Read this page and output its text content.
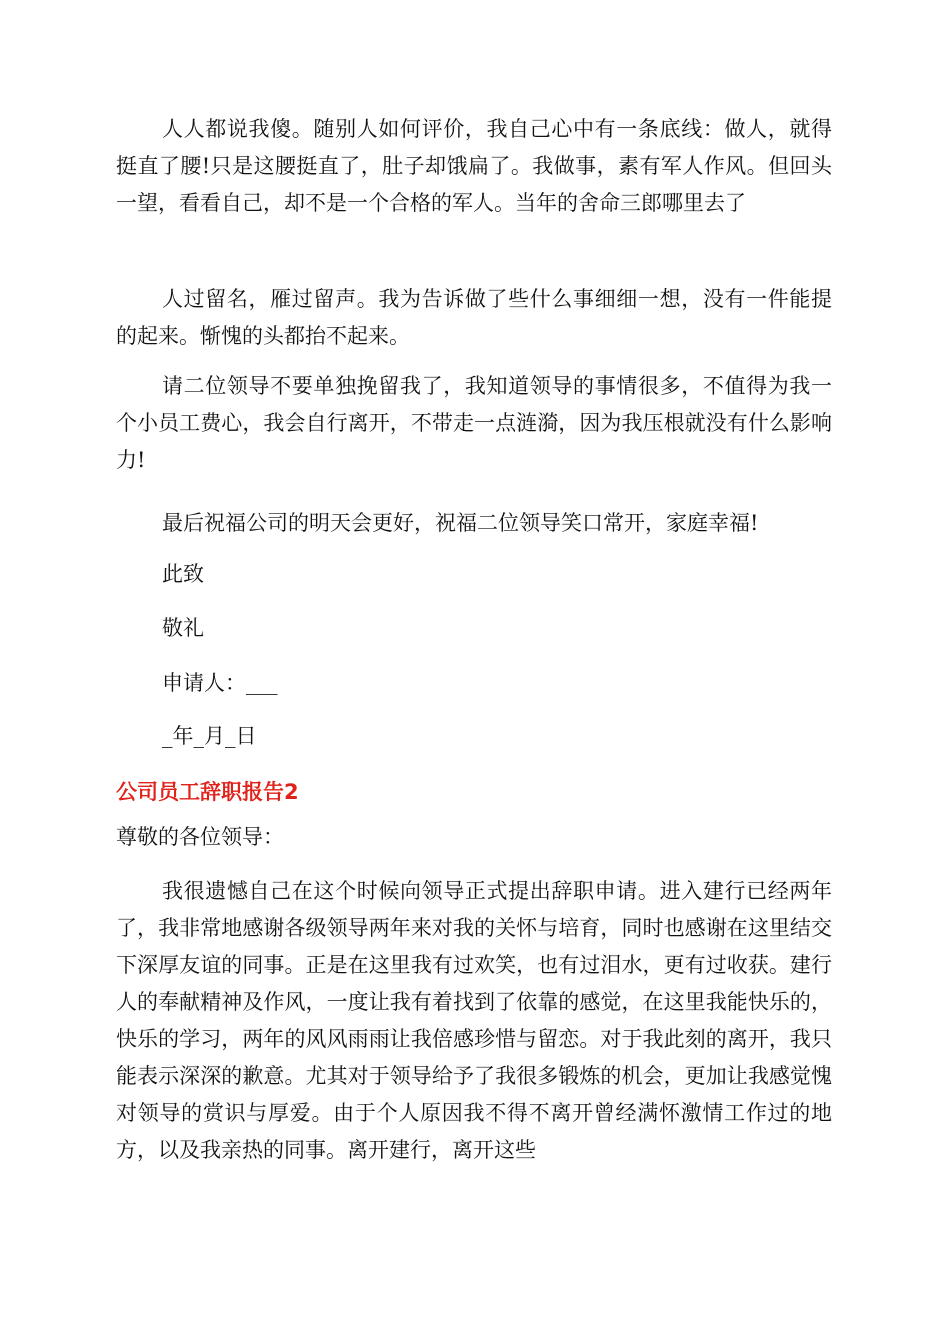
人人都说我傻。随别人如何评价，我自己心中有一条底线：做人，就得挺直了腰!只是这腰挺直了，肚子却饿扁了。我做事，素有军人作风。但回头一望，看看自己，却不是一个合格的军人。当年的舍命三郎哪里去了

人过留名，雁过留声。我为告诉做了些什么事细细一想，没有一件能提的起来。惭愧的头都抬不起来。

请二位领导不要单独挽留我了，我知道领导的事情很多，不值得为我一个小员工费心，我会自行离开，不带走一点涟漪，因为我压根就没有什么影响力!

最后祝福公司的明天会更好，祝福二位领导笑口常开，家庭幸福!

此致

敬礼

申请人：___

_年_月_日

公司员工辞职报告2

尊敬的各位领导：

我很遗憾自己在这个时候向领导正式提出辞职申请。进入建行已经两年了，我非常地感谢各级领导两年来对我的关怀与培育，同时也感谢在这里结交下深厚友谊的同事。正是在这里我有过欢笑，也有过泪水，更有过收获。建行人的奉献精神及作风，一度让我有着找到了依靠的感觉，在这里我能快乐的，快乐的学习，两年的风风雨雨让我倍感珍惜与留恋。对于我此刻的离开，我只能表示深深的歉意。尤其对于领导给予了我很多锻炼的机会，更加让我感觉愧对领导的赏识与厚爱。由于个人原因我不得不离开曾经满怀激情工作过的地方，以及我亲热的同事。离开建行，离开这些
